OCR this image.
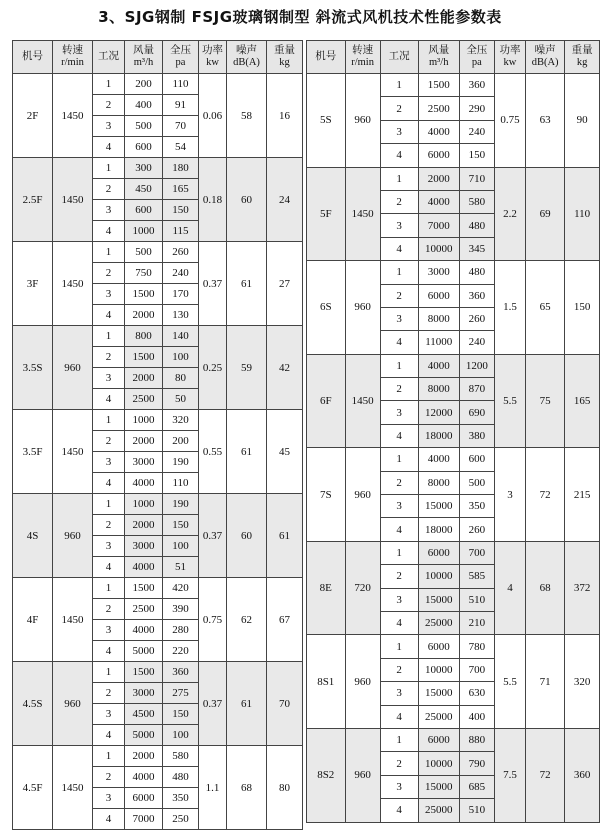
3、SJG钢制 FSJG玻璃钢制型 斜流式风机技术性能参数表
机号	转速
r/min	工况	风量
m³/h	全压
pa	功率
kw	噪声
dB(A)	重量
kg

2F	1450	1	200	110	0.06	58	16
		2	400	91			
		3	500	70			
		4	600	54			
2.5F	1450	1	300	180	0.18	60	24
		2	450	165			
		3	600	150			
		4	1000	115			
3F	1450	1	500	260	0.37	61	27
		2	750	240			
		3	1500	170			
		4	2000	130			
3.5S	960	1	800	140	0.25	59	42
		2	1500	100			
		3	2000	80			
		4	2500	50			
3.5F	1450	1	1000	320	0.55	61	45
		2	2000	200			
		3	3000	190			
		4	4000	110			
4S	960	1	1000	190	0.37	60	61
		2	2000	150			
		3	3000	100			
		4	4000	51			
4F	1450	1	1500	420	0.75	62	67
		2	2500	390			
		3	4000	280			
		4	5000	220			
4.5S	960	1	1500	360	0.37	61	70
		2	3000	275			
		3	4500	150			
		4	5000	100			
4.5F	1450	1	2000	580	1.1	68	80
		2	4000	480			
		3	6000	350			
		4	7000	250			
机号	转速
r/min	工况	风量
m³/h	全压
pa	功率
kw	噪声
dB(A)	重量
kg

5S	960	1	1500	360	0.75	63	90
		2	2500	290			
		3	4000	240			
		4	6000	150			
5F	1450	1	2000	710	2.2	69	110
		2	4000	580			
		3	7000	480			
		4	10000	345			
6S	960	1	3000	480	1.5	65	150
		2	6000	360			
		3	8000	260			
		4	11000	240			
6F	1450	1	4000	1200	5.5	75	165
		2	8000	870			
		3	12000	690			
		4	18000	380			
7S	960	1	4000	600	3	72	215
		2	8000	500			
		3	15000	350			
		4	18000	260			
8E	720	1	6000	700	4	68	372
		2	10000	585			
		3	15000	510			
		4	25000	210			
8S1	960	1	6000	780	5.5	71	320
		2	10000	700			
		3	15000	630			
		4	25000	400			
8S2	960	1	6000	880	7.5	72	360
		2	10000	790			
		3	15000	685			
		4	25000	510			
